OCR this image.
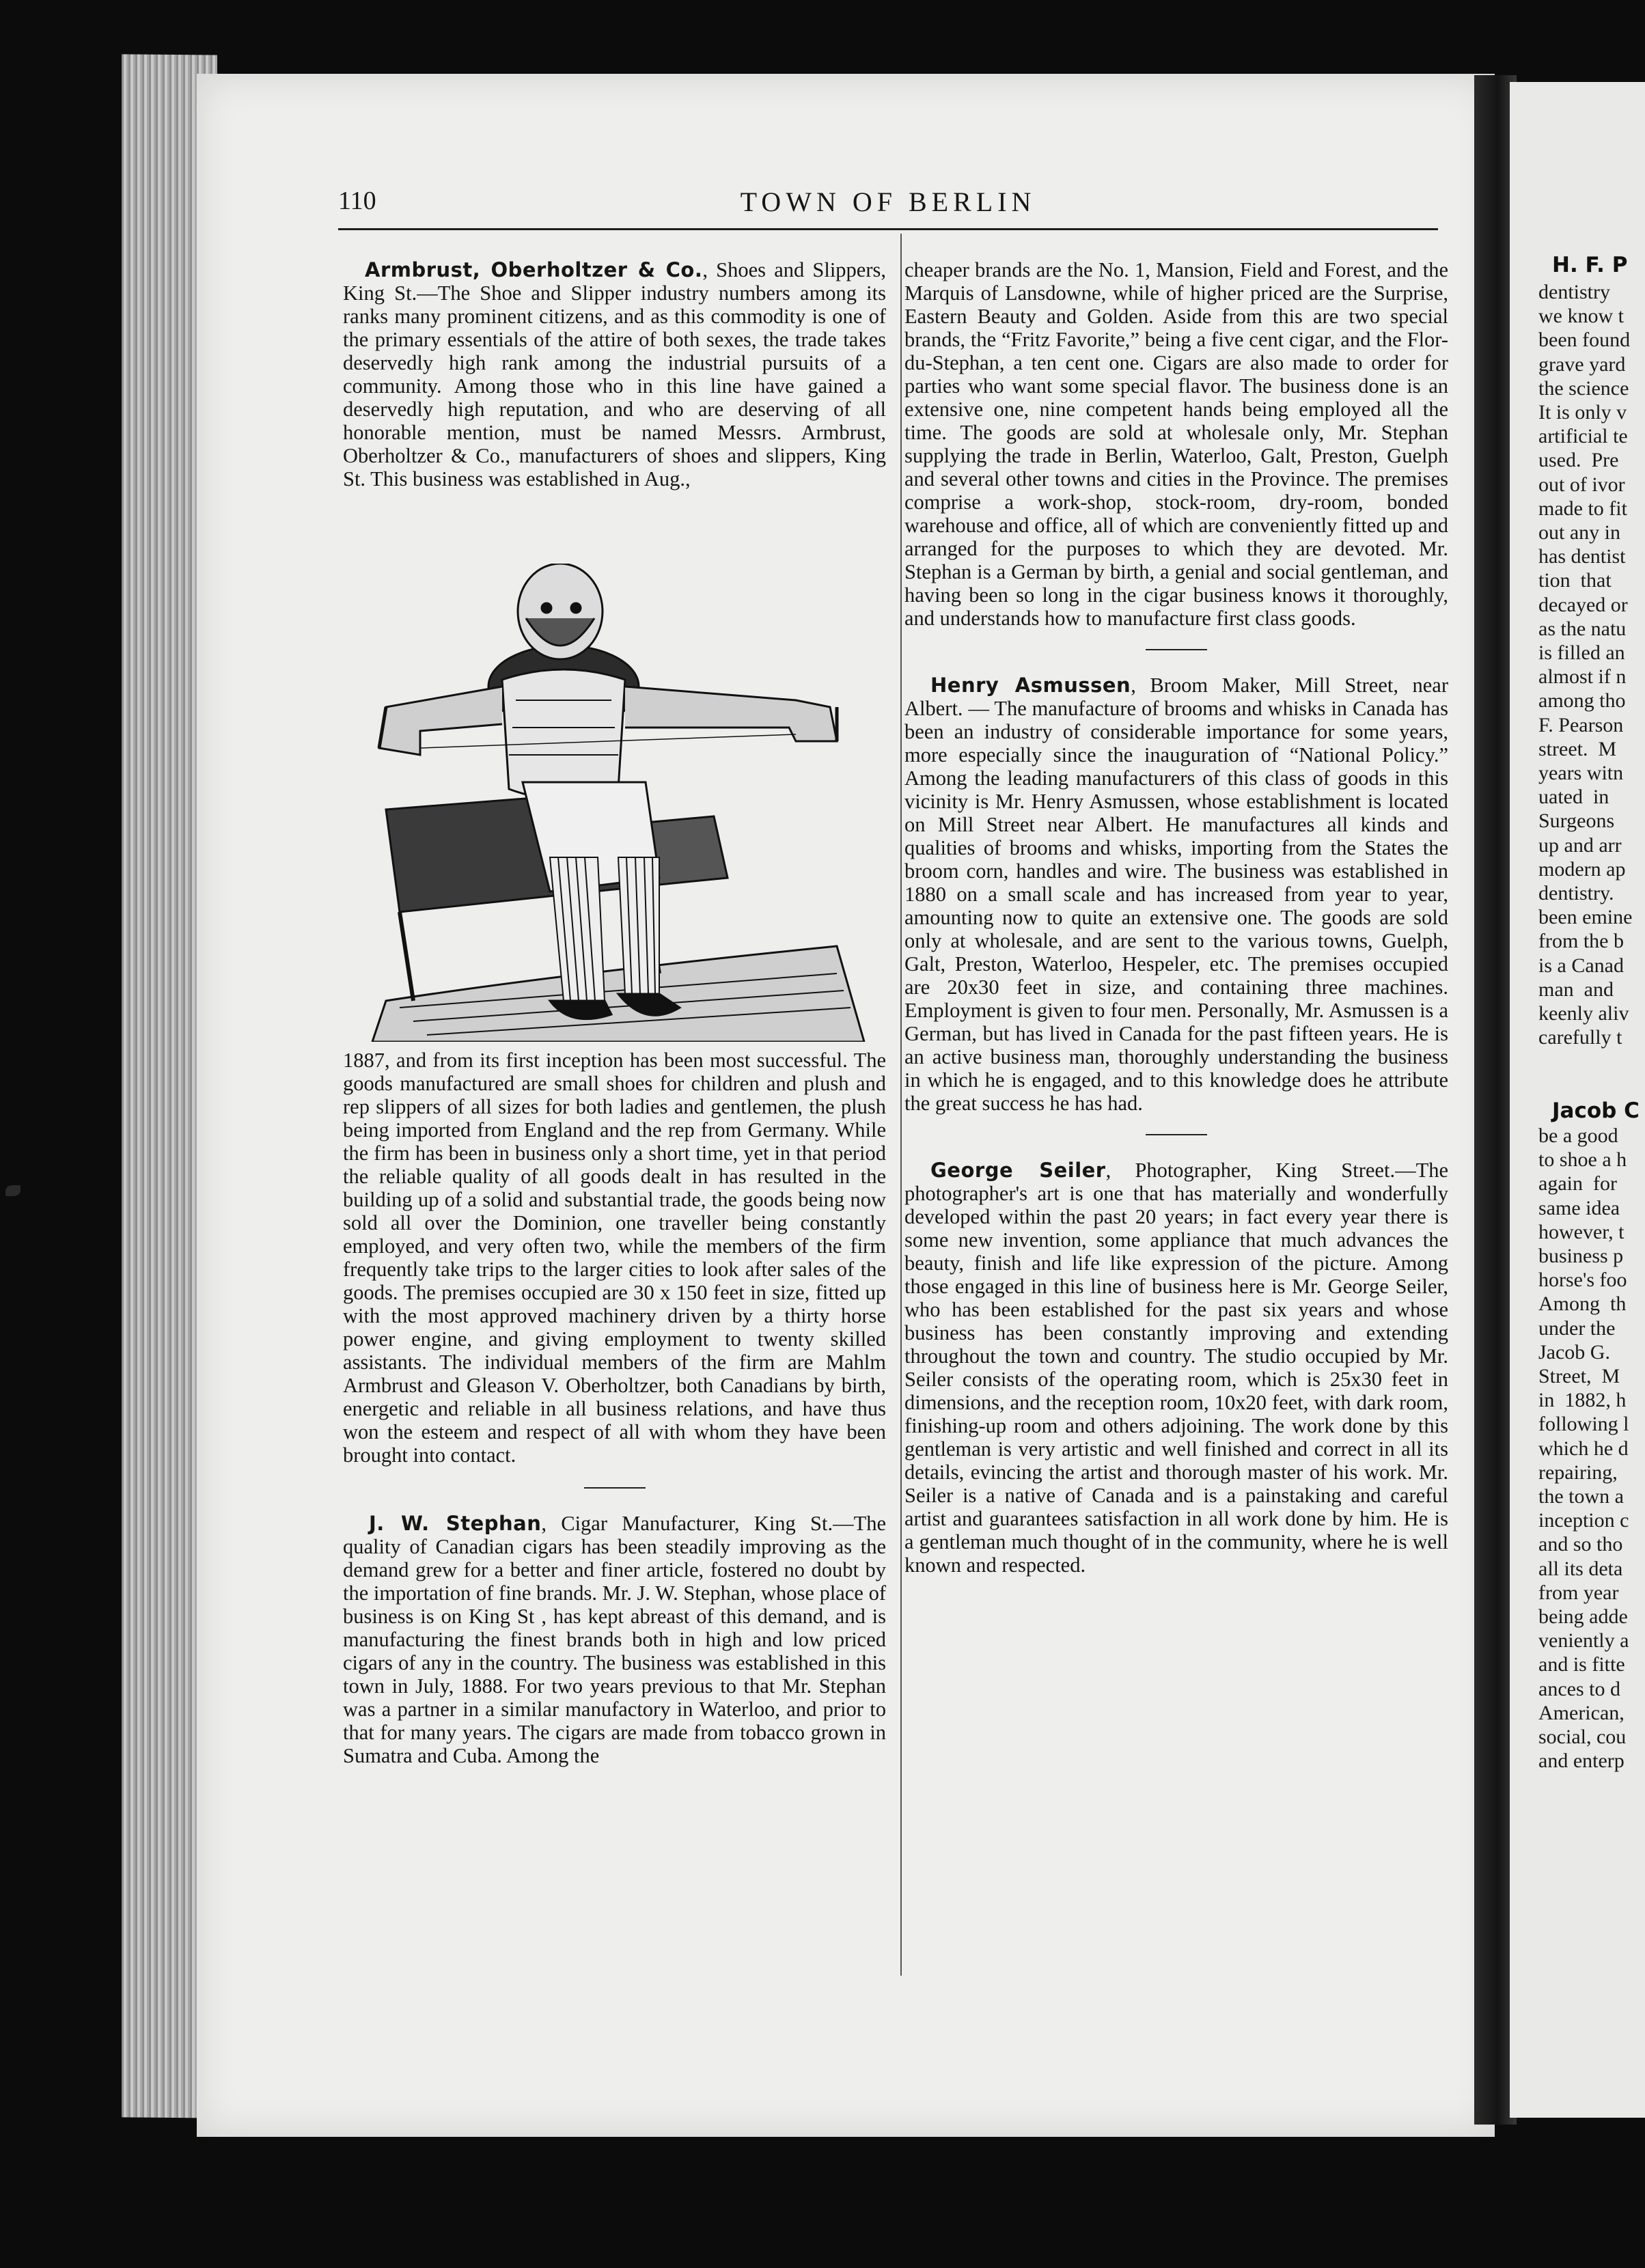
H. F. P
dentistry
we know t
been found
grave yard
the science
It is only v
artificial te
used.  Pre
out of ivor
made to fit
out any in
has dentist
tion  that
decayed or
as the natu
is filled an
almost if n
among tho
F. Pearson
street.  M
years witn
uated  in
Surgeons
up and arr
modern ap
dentistry.
been emine
from the b
is a Canad
man  and
keenly aliv
carefully t
Jacob C
be a good
to shoe a h
again  for
same idea
however, t
business p
horse's foo
Among  th
under the
Jacob G.
Street,  M
in  1882, h
following l
which he d
repairing,
the town a
inception c
and so tho
all its deta
from year
being adde
veniently a
and is fitte
ances to d
American,
social, cou
and enterp
110	TOWN OF BERLIN

Armbrust, Oberholtzer & Co., Shoes and Slippers, King St.—The Shoe and Slipper industry numbers among its ranks many prominent citizens, and as this commodity is one of the primary essentials of the attire of both sexes, the trade takes deservedly high rank among the industrial pursuits of a community. Among those who in this line have gained a deservedly high reputation, and who are deserving of all honorable mention, must be named Messrs. Armbrust, Oberholtzer & Co., manufacturers of shoes and slippers, King St. This business was established in Aug.,

1887, and from its first inception has been most successful. The goods manufactured are small shoes for children and plush and rep slippers of all sizes for both ladies and gentlemen, the plush being imported from England and the rep from Germany. While the firm has been in business only a short time, yet in that period the reliable quality of all goods dealt in has resulted in the building up of a solid and substantial trade, the goods being now sold all over the Dominion, one traveller being constantly employed, and very often two, while the members of the firm frequently take trips to the larger cities to look after sales of the goods. The premises occupied are 30 x 150 feet in size, fitted up with the most approved machinery driven by a thirty horse power engine, and giving employment to twenty skilled assistants. The individual members of the firm are Mahlm Armbrust and Gleason V. Oberholtzer, both Canadians by birth, energetic and reliable in all business relations, and have thus won the esteem and respect of all with whom they have been brought into contact.

J. W. Stephan, Cigar Manufacturer, King St.—The quality of Canadian cigars has been steadily improving as the demand grew for a better and finer article, fostered no doubt by the importation of fine brands. Mr. J. W. Stephan, whose place of business is on King St , has kept abreast of this demand, and is manufacturing the finest brands both in high and low priced cigars of any in the country. The business was established in this town in July, 1888. For two years previous to that Mr. Stephan was a partner in a similar manufactory in Waterloo, and prior to that for many years. The cigars are made from tobacco grown in Sumatra and Cuba. Among the

cheaper brands are the No. 1, Mansion, Field and Forest, and the Marquis of Lansdowne, while of higher priced are the Surprise, Eastern Beauty and Golden. Aside from this are two special brands, the “Fritz Favorite,” being a five cent cigar, and the Flor-du-Stephan, a ten cent one. Cigars are also made to order for parties who want some special flavor. The business done is an extensive one, nine competent hands being employed all the time. The goods are sold at wholesale only, Mr. Stephan supplying the trade in Berlin, Waterloo, Galt, Preston, Guelph and several other towns and cities in the Province. The premises comprise a work-shop, stock-room, dry-room, bonded warehouse and office, all of which are conveniently fitted up and arranged for the purposes to which they are devoted. Mr. Stephan is a German by birth, a genial and social gentleman, and having been so long in the cigar business knows it thoroughly, and understands how to manufacture first class goods.

Henry Asmussen, Broom Maker, Mill Street, near Albert. — The manufacture of brooms and whisks in Canada has been an industry of considerable importance for some years, more especially since the inauguration of “National Policy.” Among the leading manufacturers of this class of goods in this vicinity is Mr. Henry Asmussen, whose establishment is located on Mill Street near Albert. He manufactures all kinds and qualities of brooms and whisks, importing from the States the broom corn, handles and wire. The business was established in 1880 on a small scale and has increased from year to year, amounting now to quite an extensive one. The goods are sold only at wholesale, and are sent to the various towns, Guelph, Galt, Preston, Waterloo, Hespeler, etc. The premises occupied are 20x30 feet in size, and containing three machines. Employment is given to four men. Personally, Mr. Asmussen is a German, but has lived in Canada for the past fifteen years. He is an active business man, thoroughly understanding the business in which he is engaged, and to this knowledge does he attribute the great success he has had.

George Seiler, Photographer, King Street.—The photographer's art is one that has materially and wonderfully developed within the past 20 years; in fact every year there is some new invention, some appliance that much advances the beauty, finish and life like expression of the picture. Among those engaged in this line of business here is Mr. George Seiler, who has been established for the past six years and whose business has been constantly improving and extending throughout the town and country. The studio occupied by Mr. Seiler consists of the operating room, which is 25x30 feet in dimensions, and the reception room, 10x20 feet, with dark room, finishing-up room and others adjoining. The work done by this gentleman is very artistic and well finished and correct in all its details, evincing the artist and thorough master of his work. Mr. Seiler is a native of Canada and is a painstaking and careful artist and guarantees satisfaction in all work done by him. He is a gentleman much thought of in the community, where he is well known and respected.
